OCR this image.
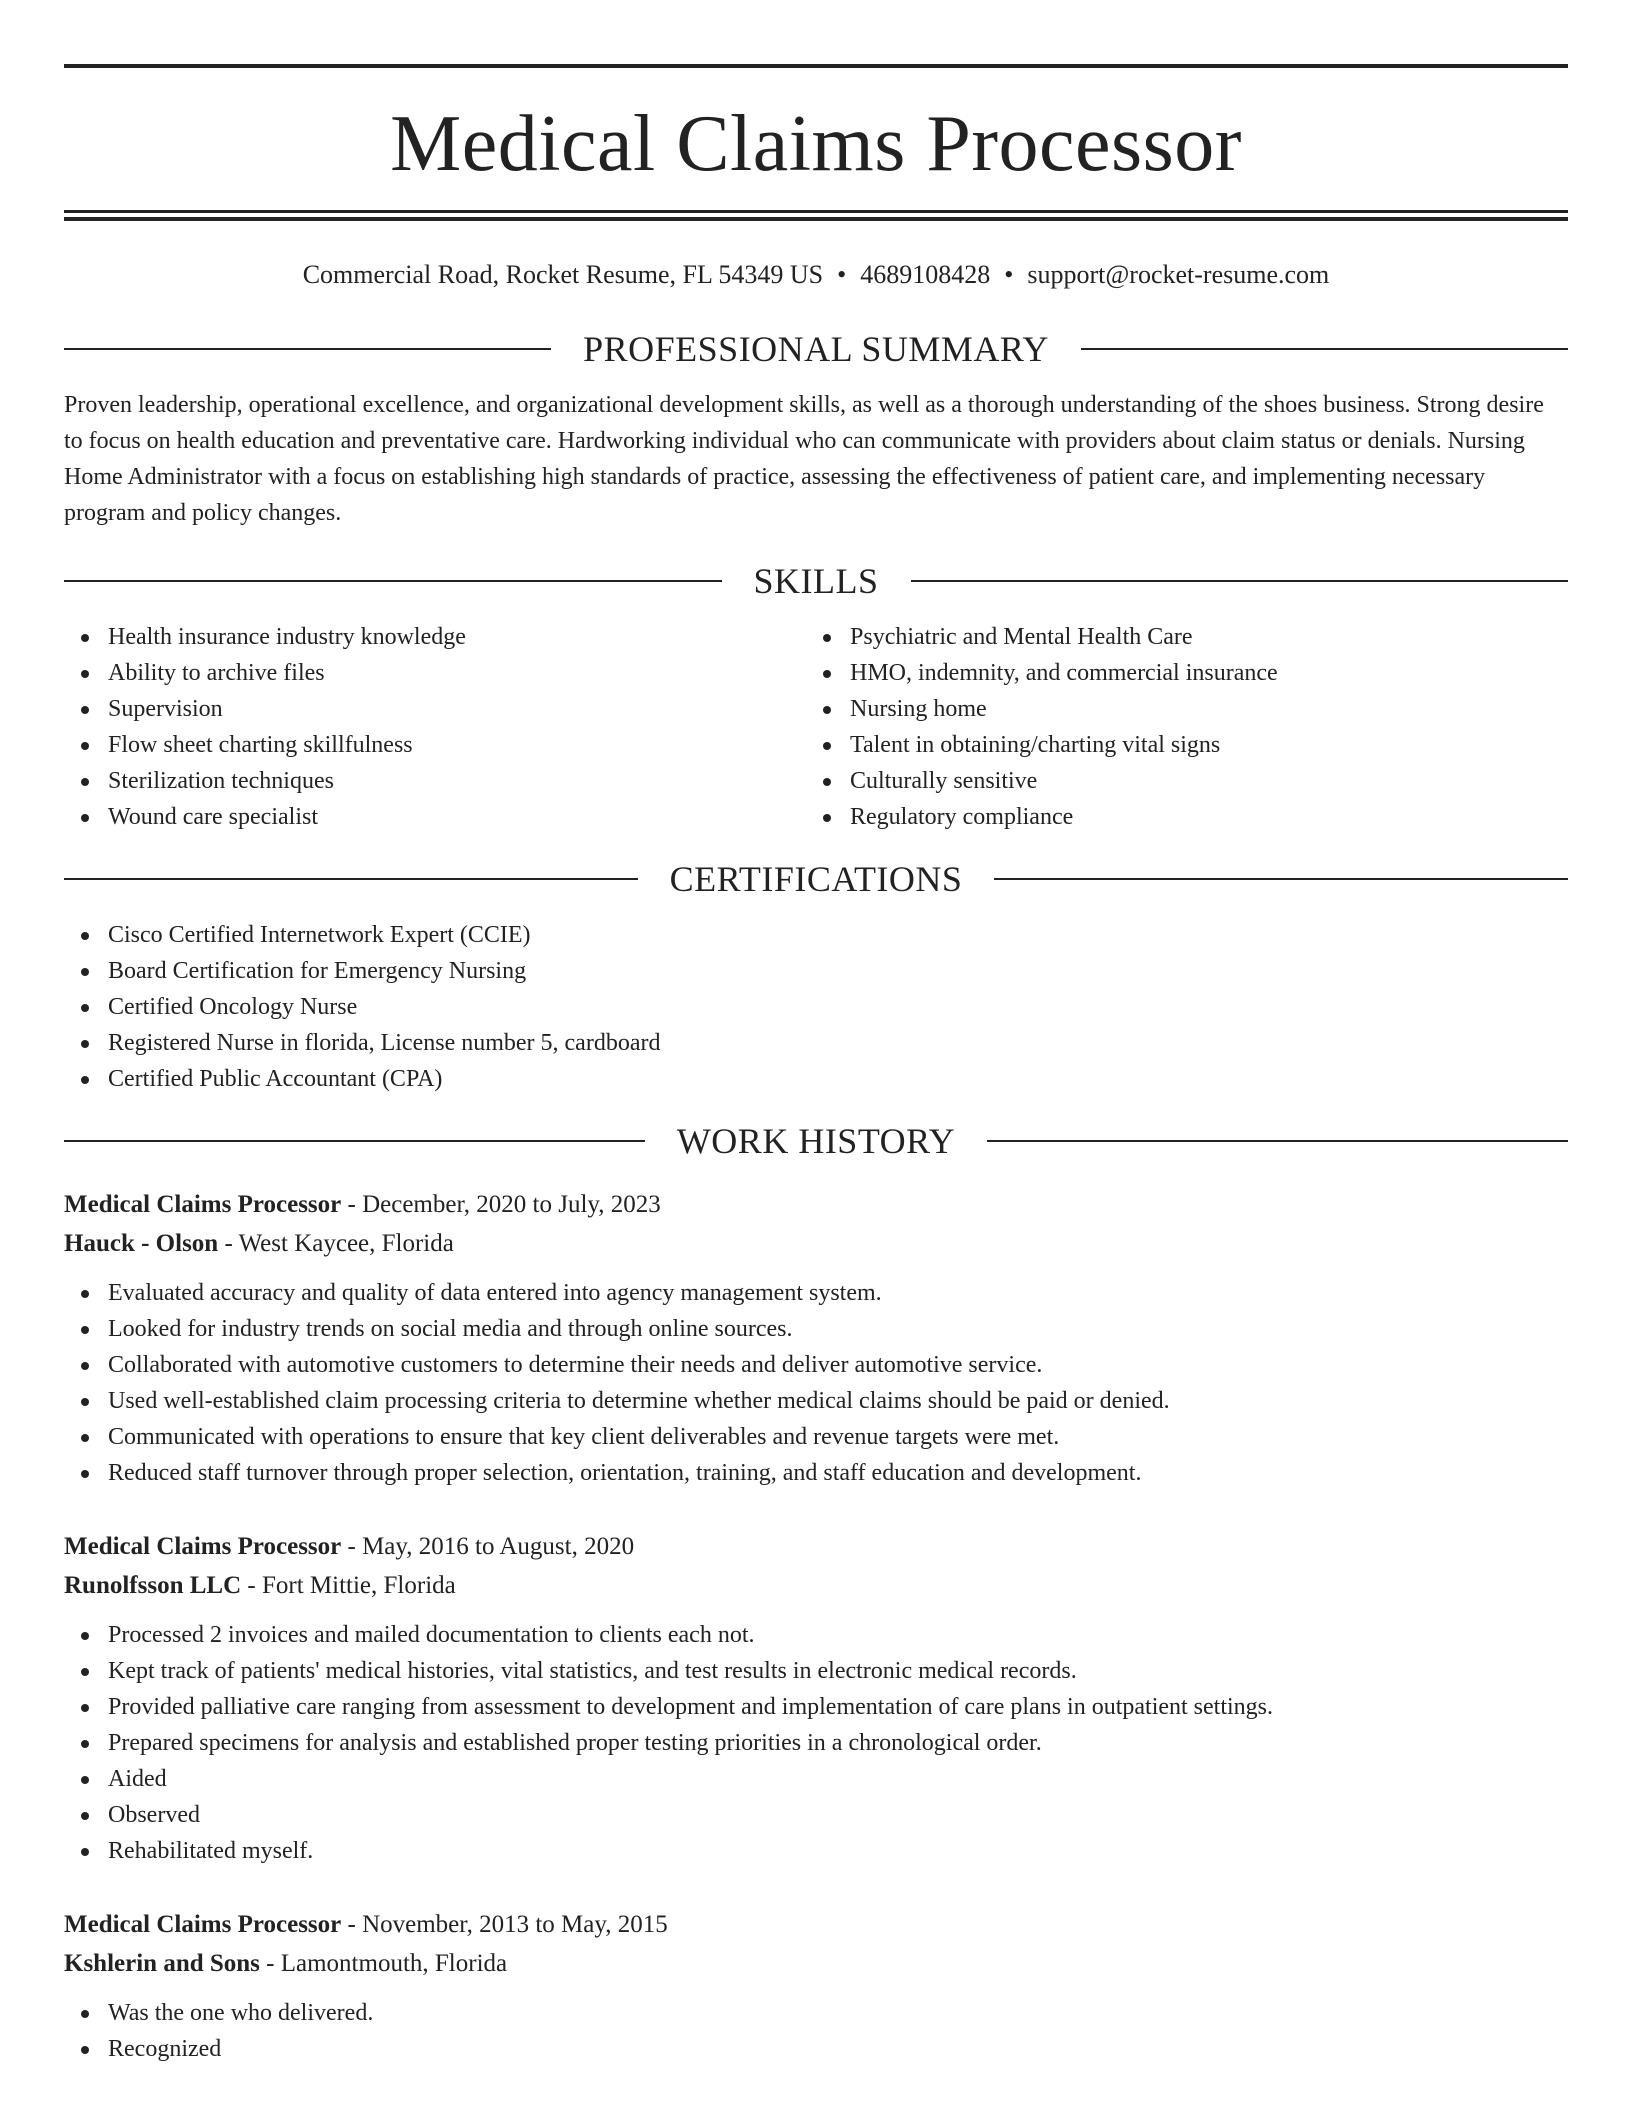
Medical Claims Processor
Commercial Road, Rocket Resume, FL 54349 US • 4689108428 • support@rocket-resume.com
PROFESSIONAL SUMMARY
Proven leadership, operational excellence, and organizational development skills, as well as a thorough understanding of the shoes business. Strong desire to focus on health education and preventative care. Hardworking individual who can communicate with providers about claim status or denials. Nursing Home Administrator with a focus on establishing high standards of practice, assessing the effectiveness of patient care, and implementing necessary program and policy changes.
SKILLS
Health insurance industry knowledge
Ability to archive files
Supervision
Flow sheet charting skillfulness
Sterilization techniques
Wound care specialist
Psychiatric and Mental Health Care
HMO, indemnity, and commercial insurance
Nursing home
Talent in obtaining/charting vital signs
Culturally sensitive
Regulatory compliance
CERTIFICATIONS
Cisco Certified Internetwork Expert (CCIE)
Board Certification for Emergency Nursing
Certified Oncology Nurse
Registered Nurse in florida, License number 5, cardboard
Certified Public Accountant (CPA)
WORK HISTORY
Medical Claims Processor - December, 2020 to July, 2023
Hauck - Olson - West Kaycee, Florida
Evaluated accuracy and quality of data entered into agency management system.
Looked for industry trends on social media and through online sources.
Collaborated with automotive customers to determine their needs and deliver automotive service.
Used well-established claim processing criteria to determine whether medical claims should be paid or denied.
Communicated with operations to ensure that key client deliverables and revenue targets were met.
Reduced staff turnover through proper selection, orientation, training, and staff education and development.
Medical Claims Processor - May, 2016 to August, 2020
Runolfsson LLC - Fort Mittie, Florida
Processed 2 invoices and mailed documentation to clients each not.
Kept track of patients' medical histories, vital statistics, and test results in electronic medical records.
Provided palliative care ranging from assessment to development and implementation of care plans in outpatient settings.
Prepared specimens for analysis and established proper testing priorities in a chronological order.
Aided
Observed
Rehabilitated myself.
Medical Claims Processor - November, 2013 to May, 2015
Kshlerin and Sons - Lamontmouth, Florida
Was the one who delivered.
Recognized
